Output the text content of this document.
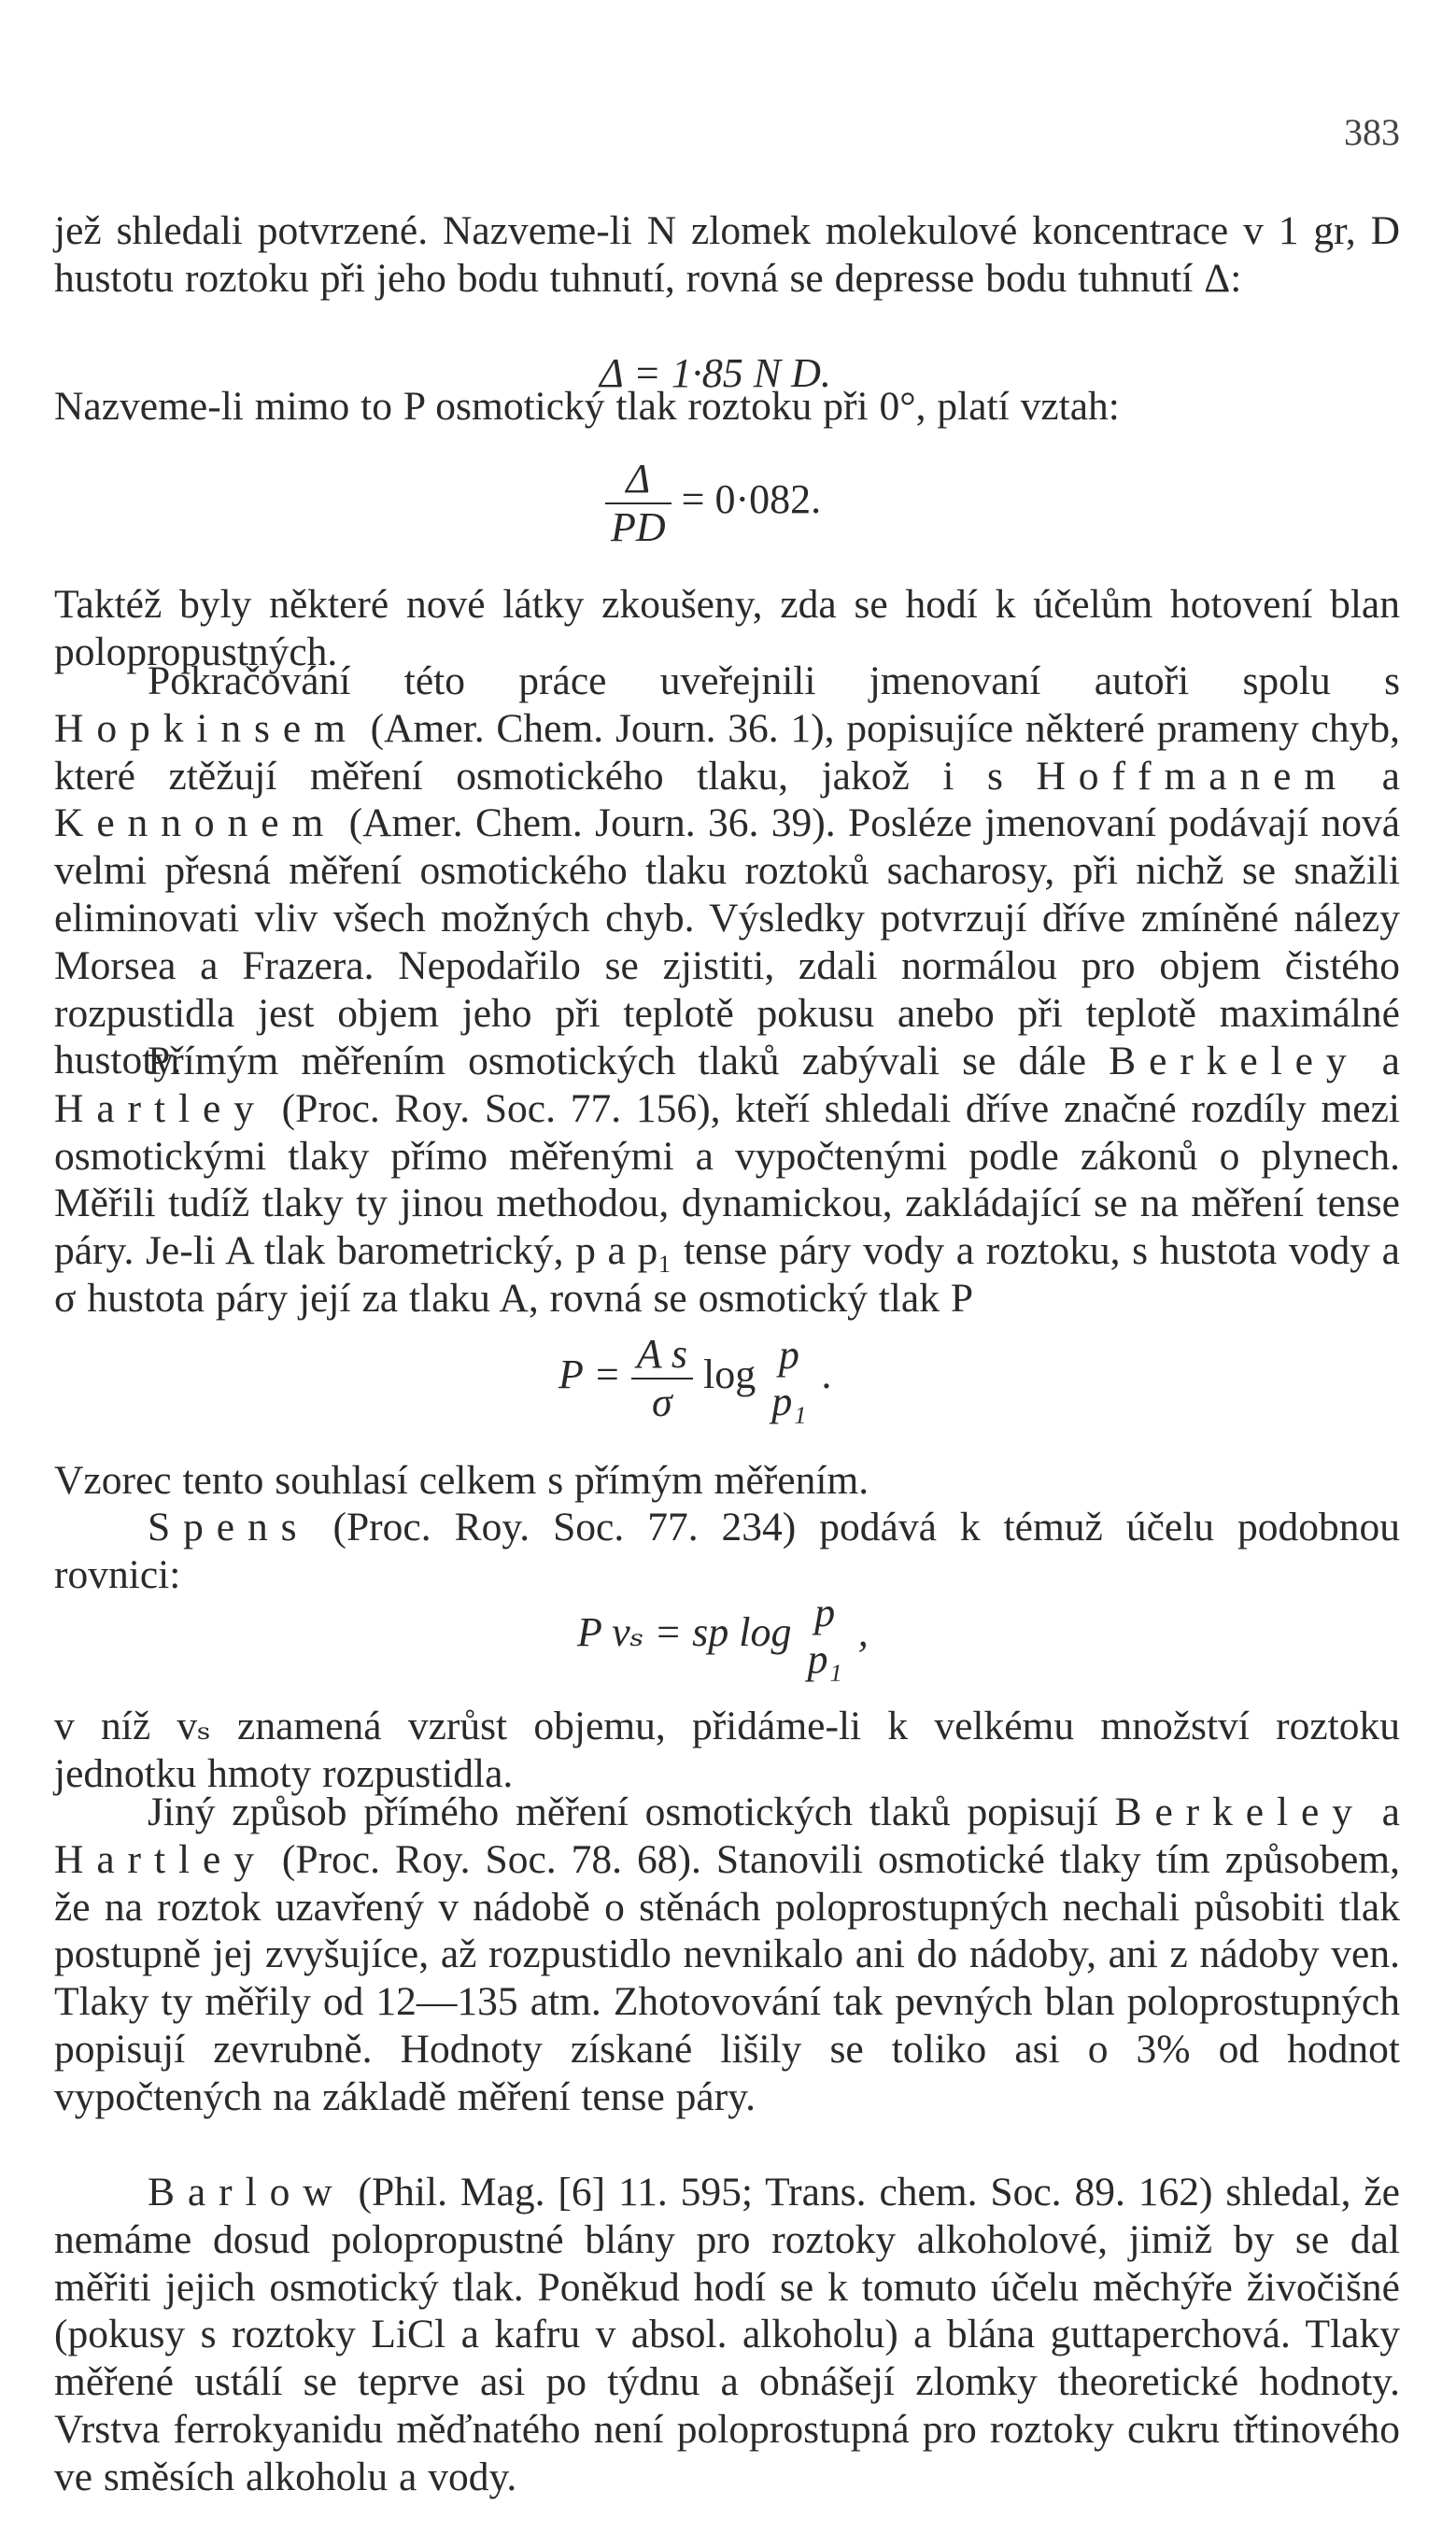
383

jež shledali potvrzené. Nazveme-li N zlomek molekulové koncentrace v 1 gr, D hustotu roztoku při jeho bodu tuhnutí, rovná se depresse bodu tuhnutí Δ:

Δ = 1·85 N D.

Nazveme-li mimo to P osmotický tlak roztoku při 0°, platí vztah:

$\frac{\Delta}{PD} = 0\cdot 082$.

Taktéž byly některé nové látky zkoušeny, zda se hodí k účelům hotovení blan polopropustných.

Pokračování této práce uveřejnili jmenovaní autoři spolu s Hopkinsem (Amer. Chem. Journ. 36. 1), popisujíce některé prameny chyb, které ztěžují měření osmotického tlaku, jakož i s Hoffmanem a Kennonem (Amer. Chem. Journ. 36. 39). Posléze jmenovaní podávají nová velmi přesná měření osmotického tlaku roztoků sacharosy, při nichž se snažili eliminovati vliv všech možných chyb. Výsledky potvrzují dříve zmíněné nálezy Morsea a Frazera. Nepodařilo se zjistiti, zdali normálou pro objem čistého rozpustidla jest objem jeho při teplotě pokusu anebo při teplotě maximálné hustoty.

Přímým měřením osmotických tlaků zabývali se dále Berkeley a Hartley (Proc. Roy. Soc. 77. 156), kteří shledali dříve značné rozdíly mezi osmotickými tlaky přímo měřenými a vypočtenými podle zákonů o plynech. Měřili tudíž tlaky ty jinou methodou, dynamickou, zakládající se na měření tense páry. Je-li A tlak barometrický, p a p₁ tense páry vody a roztoku, s hustota vody a σ hustota páry její za tlaku A, rovná se osmotický tlak P

$P = \frac{\text{A s}}{\sigma}$ log p
p₁
.

Vzorec tento souhlasí celkem s přímým měřením.

Spens (Proc. Roy. Soc. 77. 234) podává k témuž účelu podobnou rovnici:

P vₛ = sp log p
p₁
,

v níž vₛ znamená vzrůst objemu, přidáme-li k velkému množství roztoku jednotku hmoty rozpustidla.

Jiný způsob přímého měření osmotických tlaků popisují Berkeley a Hartley (Proc. Roy. Soc. 78. 68). Stanovili osmotické tlaky tím způsobem, že na roztok uzavřený v nádobě o stěnách poloprostupných nechali působiti tlak postupně jej zvyšujíce, až rozpustidlo nevnikalo ani do nádoby, ani z nádoby ven. Tlaky ty měřily od 12—135 atm. Zhotovování tak pevných blan poloprostupných popisují zevrubně. Hodnoty získané lišily se toliko asi o 3% od hodnot vypočtených na základě měření tense páry.

Barlow (Phil. Mag. [6] 11. 595; Trans. chem. Soc. 89. 162) shledal, že nemáme dosud polopropustné blány pro roztoky alkoholové, jimiž by se dal měřiti jejich osmotický tlak. Poněkud hodí se k tomuto účelu měchýře živočišné (pokusy s roztoky LiCl a kafru v absol. alkoholu) a blána guttaperchová. Tlaky měřené ustálí se teprve asi po týdnu a obnášejí zlomky theoretické hodnoty. Vrstva ferrokyanidu měďnatého není poloprostupná pro roztoky cukru třtinového ve směsích alkoholu a vody.
